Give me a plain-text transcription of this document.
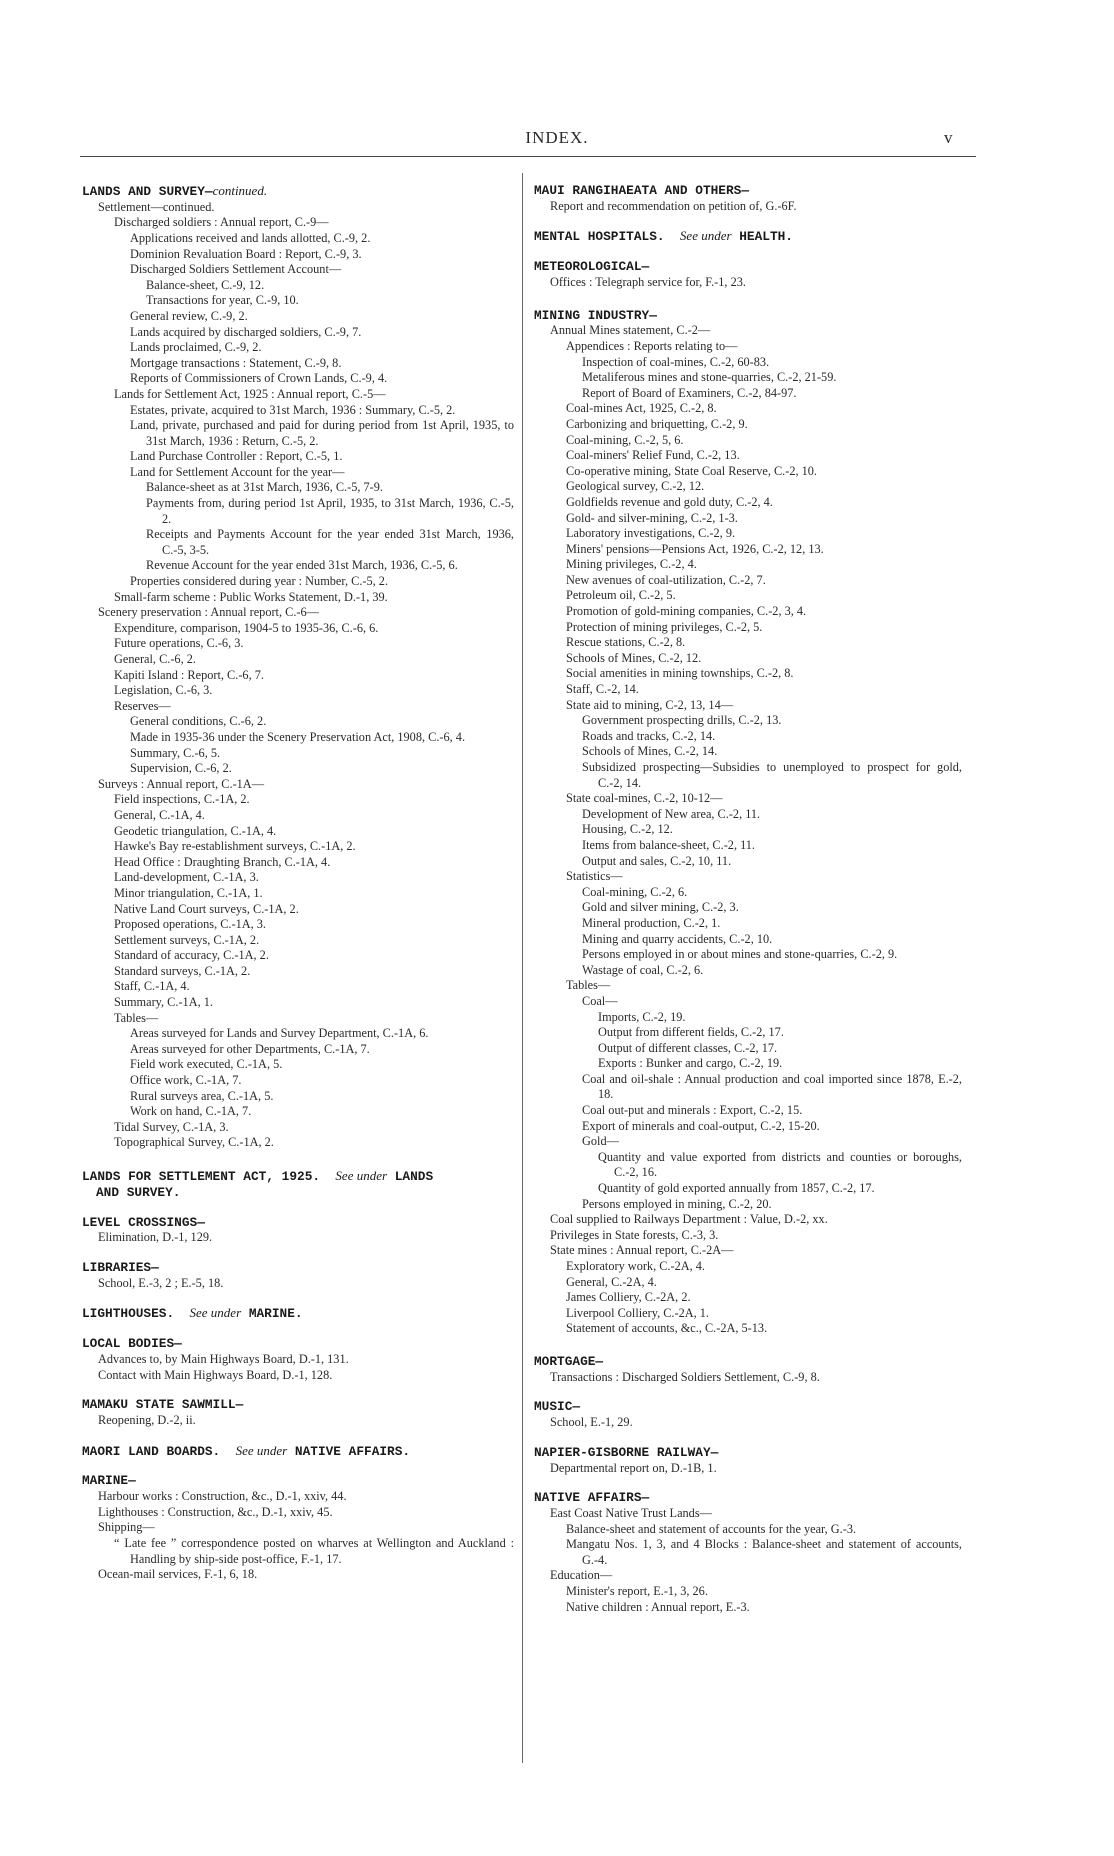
INDEX.	v
LANDS AND SURVEY—continued.
Settlement—continued.
Discharged soldiers : Annual report, C.-9—
Applications received and lands allotted, C.-9, 2.
Dominion Revaluation Board : Report, C.-9, 3.
Discharged Soldiers Settlement Account—
Balance-sheet, C.-9, 12.
Transactions for year, C.-9, 10.
General review, C.-9, 2.
Lands acquired by discharged soldiers, C.-9, 7.
Lands proclaimed, C.-9, 2.
Mortgage transactions : Statement, C.-9, 8.
Reports of Commissioners of Crown Lands, C.-9, 4.
Lands for Settlement Act, 1925 : Annual report, C.-5—
Estates, private, acquired to 31st March, 1936 : Summary, C.-5, 2.
Land, private, purchased and paid for during period from 1st April, 1935, to 31st March, 1936 : Return, C.-5, 2.
Land Purchase Controller : Report, C.-5, 1.
Land for Settlement Account for the year—
Balance-sheet as at 31st March, 1936, C.-5, 7-9.
Payments from, during period 1st April, 1935, to 31st March, 1936, C.-5, 2.
Receipts and Payments Account for the year ended 31st March, 1936, C.-5, 3-5.
Revenue Account for the year ended 31st March, 1936, C.-5, 6.
Properties considered during year : Number, C.-5, 2.
Small-farm scheme : Public Works Statement, D.-1, 39.
Scenery preservation : Annual report, C.-6—
Expenditure, comparison, 1904-5 to 1935-36, C.-6, 6.
Future operations, C.-6, 3.
General, C.-6, 2.
Kapiti Island : Report, C.-6, 7.
Legislation, C.-6, 3.
Reserves—
General conditions, C.-6, 2.
Made in 1935-36 under the Scenery Preservation Act, 1908, C.-6, 4.
Summary, C.-6, 5.
Supervision, C.-6, 2.
Surveys : Annual report, C.-1A—
Field inspections, C.-1A, 2.
General, C.-1A, 4.
Geodetic triangulation, C.-1A, 4.
Hawke's Bay re-establishment surveys, C.-1A, 2.
Head Office : Draughting Branch, C.-1A, 4.
Land-development, C.-1A, 3.
Minor triangulation, C.-1A, 1.
Native Land Court surveys, C.-1A, 2.
Proposed operations, C.-1A, 3.
Settlement surveys, C.-1A, 2.
Standard of accuracy, C.-1A, 2.
Standard surveys, C.-1A, 2.
Staff, C.-1A, 4.
Summary, C.-1A, 1.
Tables—
Areas surveyed for Lands and Survey Department, C.-1A, 6.
Areas surveyed for other Departments, C.-1A, 7.
Field work executed, C.-1A, 5.
Office work, C.-1A, 7.
Rural surveys area, C.-1A, 5.
Work on hand, C.-1A, 7.
Tidal Survey, C.-1A, 3.
Topographical Survey, C.-1A, 2.
LANDS FOR SETTLEMENT ACT, 1925. See under LANDS
AND SURVEY.
LEVEL CROSSINGS—
Elimination, D.-1, 129.
LIBRARIES—
School, E.-3, 2 ; E.-5, 18.
LIGHTHOUSES. See under MARINE.
LOCAL BODIES—
Advances to, by Main Highways Board, D.-1, 131.
Contact with Main Highways Board, D.-1, 128.
MAMAKU STATE SAWMILL—
Reopening, D.-2, ii.
MAORI LAND BOARDS. See under NATIVE AFFAIRS.
MARINE—
Harbour works : Construction, &c., D.-1, xxiv, 44.
Lighthouses : Construction, &c., D.-1, xxiv, 45.
Shipping—
“ Late fee ” correspondence posted on wharves at Wellington and Auckland : Handling by ship-side post-office, F.-1, 17.
Ocean-mail services, F.-1, 6, 18.
MAUI RANGIHAEATA AND OTHERS—
Report and recommendation on petition of, G.-6F.
MENTAL HOSPITALS. See under HEALTH.
METEOROLOGICAL—
Offices : Telegraph service for, F.-1, 23.
MINING INDUSTRY—
Annual Mines statement, C.-2—
Appendices : Reports relating to—
Inspection of coal-mines, C.-2, 60-83.
Metaliferous mines and stone-quarries, C.-2, 21-59.
Report of Board of Examiners, C.-2, 84-97.
Coal-mines Act, 1925, C.-2, 8.
Carbonizing and briquetting, C.-2, 9.
Coal-mining, C.-2, 5, 6.
Coal-miners' Relief Fund, C.-2, 13.
Co-operative mining, State Coal Reserve, C.-2, 10.
Geological survey, C.-2, 12.
Goldfields revenue and gold duty, C.-2, 4.
Gold- and silver-mining, C.-2, 1-3.
Laboratory investigations, C.-2, 9.
Miners' pensions—Pensions Act, 1926, C.-2, 12, 13.
Mining privileges, C.-2, 4.
New avenues of coal-utilization, C.-2, 7.
Petroleum oil, C.-2, 5.
Promotion of gold-mining companies, C.-2, 3, 4.
Protection of mining privileges, C.-2, 5.
Rescue stations, C.-2, 8.
Schools of Mines, C.-2, 12.
Social amenities in mining townships, C.-2, 8.
Staff, C.-2, 14.
State aid to mining, C-2, 13, 14—
Government prospecting drills, C.-2, 13.
Roads and tracks, C.-2, 14.
Schools of Mines, C.-2, 14.
Subsidized prospecting—Subsidies to unemployed to prospect for gold, C.-2, 14.
State coal-mines, C.-2, 10-12—
Development of New area, C.-2, 11.
Housing, C.-2, 12.
Items from balance-sheet, C.-2, 11.
Output and sales, C.-2, 10, 11.
Statistics—
Coal-mining, C.-2, 6.
Gold and silver mining, C.-2, 3.
Mineral production, C.-2, 1.
Mining and quarry accidents, C.-2, 10.
Persons employed in or about mines and stone-quarries, C.-2, 9.
Wastage of coal, C.-2, 6.
Tables—
Coal—
Imports, C.-2, 19.
Output from different fields, C.-2, 17.
Output of different classes, C.-2, 17.
Exports : Bunker and cargo, C.-2, 19.
Coal and oil-shale : Annual production and coal imported since 1878, E.-2, 18.
Coal out-put and minerals : Export, C.-2, 15.
Export of minerals and coal-output, C.-2, 15-20.
Gold—
Quantity and value exported from districts and counties or boroughs, C.-2, 16.
Quantity of gold exported annually from 1857, C.-2, 17.
Persons employed in mining, C.-2, 20.
Coal supplied to Railways Department : Value, D.-2, xx.
Privileges in State forests, C.-3, 3.
State mines : Annual report, C.-2A—
Exploratory work, C.-2A, 4.
General, C.-2A, 4.
James Colliery, C.-2A, 2.
Liverpool Colliery, C.-2A, 1.
Statement of accounts, &c., C.-2A, 5-13.
MORTGAGE—
Transactions : Discharged Soldiers Settlement, C.-9, 8.
MUSIC—
School, E.-1, 29.
NAPIER-GISBORNE RAILWAY—
Departmental report on, D.-1B, 1.
NATIVE AFFAIRS—
East Coast Native Trust Lands—
Balance-sheet and statement of accounts for the year, G.-3.
Mangatu Nos. 1, 3, and 4 Blocks : Balance-sheet and statement of accounts, G.-4.
Education—
Minister's report, E.-1, 3, 26.
Native children : Annual report, E.-3.
